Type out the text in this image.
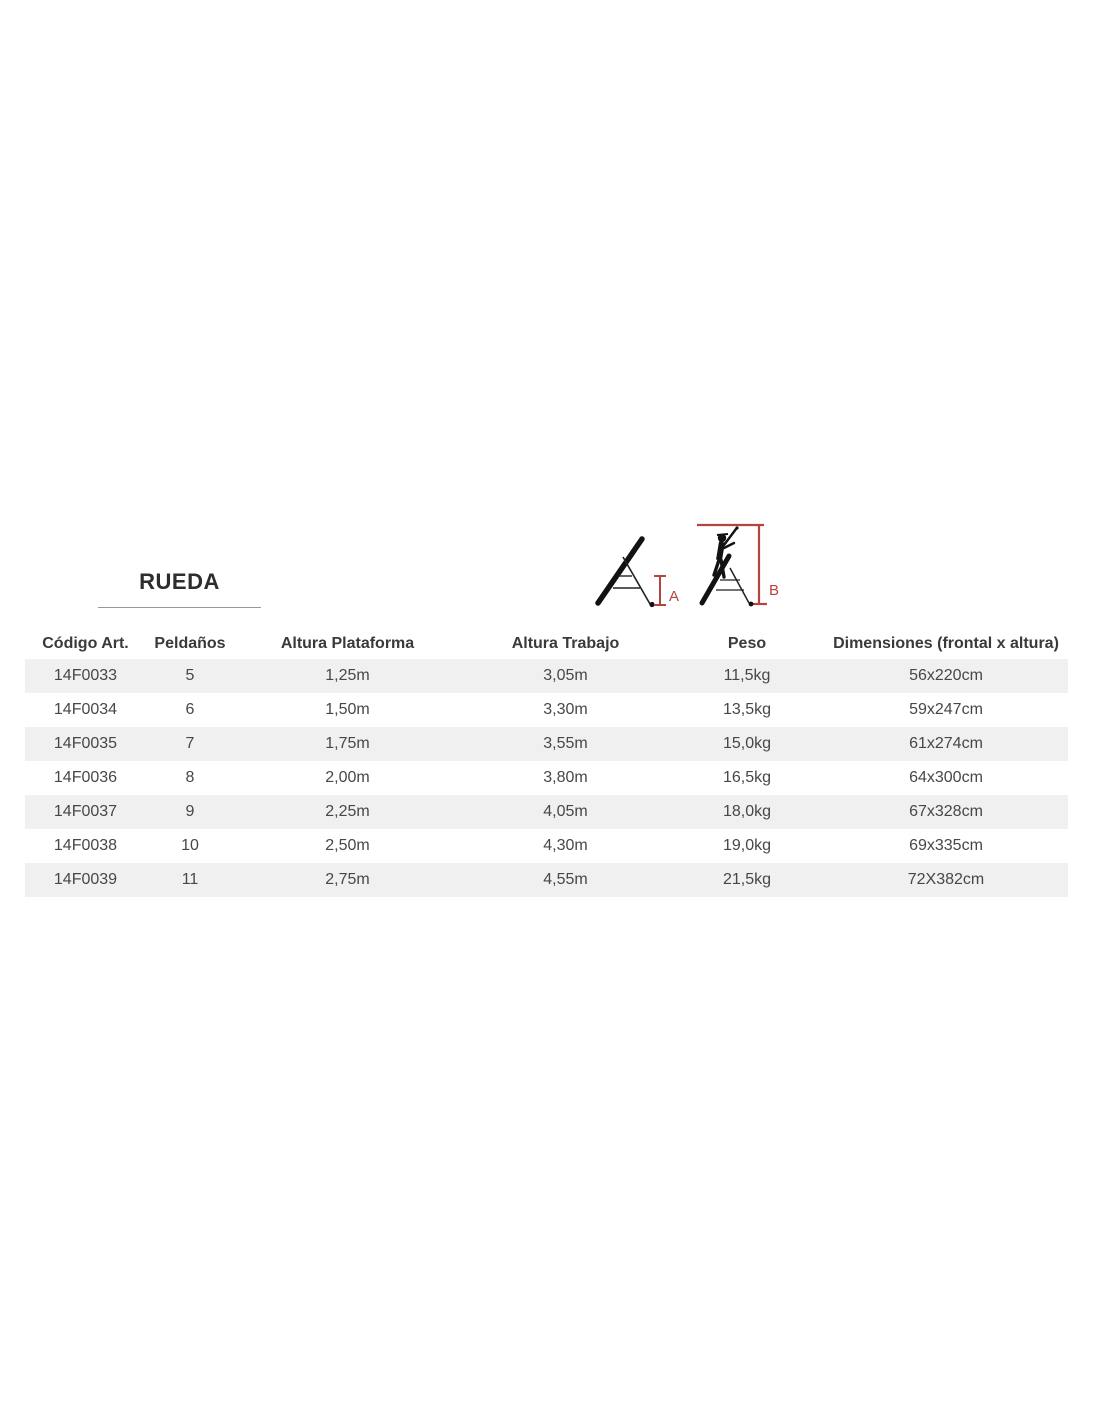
RUEDA
A	B
Código Art.	Peldaños	Altura Plataforma	Altura Trabajo	Peso	Dimensiones (frontal x altura)
14F0033	5	1,25m	3,05m	11,5kg	56x220cm
14F0034	6	1,50m	3,30m	13,5kg	59x247cm
14F0035	7	1,75m	3,55m	15,0kg	61x274cm
14F0036	8	2,00m	3,80m	16,5kg	64x300cm
14F0037	9	2,25m	4,05m	18,0kg	67x328cm
14F0038	10	2,50m	4,30m	19,0kg	69x335cm
14F0039	11	2,75m	4,55m	21,5kg	72X382cm
